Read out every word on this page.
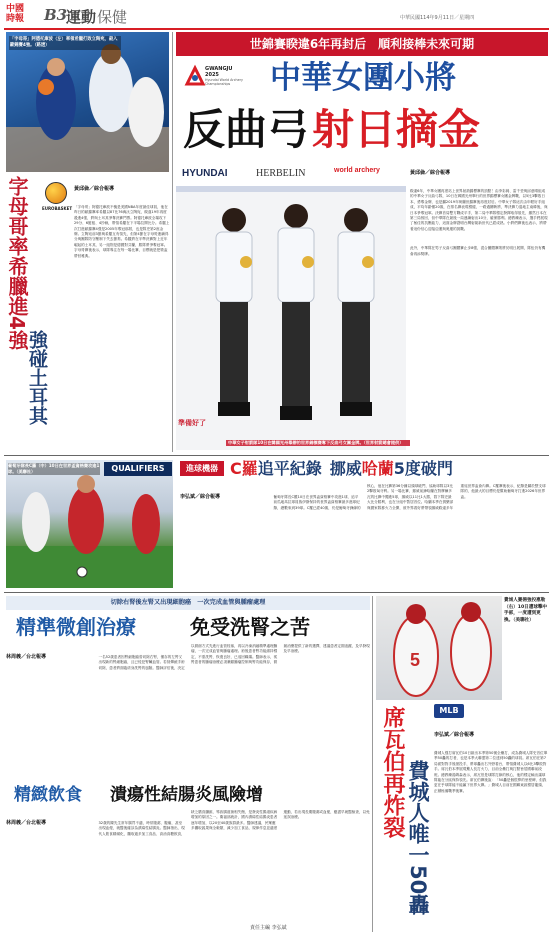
中國
時報	B3
運動 保健	中華民國114年9月11日／星期四
「字母哥」阿德托庫波（左）率領希臘打敗立陶宛，殺入歐錦賽4強。（路透）
字母哥率希臘進4強
強碰土耳其
EUROBASKET

黃邱倫／綜合報導

「字母哥」阿德托庫波不愧是美國NBA年度最佳球員，他在昨日的歐錦賽率希臘以87比76淘汰立陶宛，睽違19年再度殺進4強，將與土耳其爭奪決賽門票。阿德托庫波全場攻下29分、6籃板、4抄截，帶領希臘在下半場拉開比分。希臘上次打進歐錦賽4強是2005年奪冠那屆，也是隊史第2座金牌。立陶宛前3節與希臘互有領先，但第4節在字母哥連續得分與團隊防守壓制下失去節奏。希臘將在半準決賽對上近年崛起的土耳其，另一組則是德國對芬蘭，勝隊將爭奪冠軍。字母哥賽後表示，球隊專注在每一場比賽，目標就是把獎盃帶回雅典。

世錦賽睽違6年再封后　順利接棒未來可期
GWANGJU 2025
Hyundai World Archery Championships	中華女團小將
反曲弓 射日摘金
HYUNDAI	HERBELIN	world archery
準備好了
中華女子射箭隊10日在韓國光州舉辦的世界錦標賽奪下反曲弓女團金牌。（世界射箭總會提供）

黃邱倫／綜合報導

睽違6年，中華女團再度站上世界射箭錦標賽的頂點！由李彩綺、雷千瑩與邱意晴組成的中華女子反曲弓隊，10日在韓國光州舉行的世界錦標賽女團金牌戰，以5比3擊敗日本，勇奪金牌，也是繼2019年荷蘭世錦賽後再度封后。中華女子隊這次由年輕好手組成，平均年齡僅20歲，在排名賽表現穩健，一路過關斬將，準決賽力退地主南韓後，與日本爭奪冠軍。決賽首局雙方戰成平手，第二局中華隊穩定發揮取得領先，雖然日本在第三局扳回，但中華隊在最後一局連續射出10分，確保勝利。總教練表示，選手們展現了極佳的抗壓能力，這面金牌證明台灣射箭新世代已經成熟。小將們賽後也表示，將帶著這份信心迎接亞運與奧運的挑戰。

此外，中華隊在男子反曲弓團體賽止步8強，混合團體賽則將於明日展開，隊伍仍有機會再添獎牌。

QUALIFIERS
葡萄牙隊長C羅（中）10日在世界盃資格賽攻進1球。（美聯社）	進球機器 C羅追平紀錄 挪威哈蘭5度破門

李弘斌／綜合報導

	葡萄牙隊長C羅10日在世界盃資格賽中攻進1球，追平前瓜地馬拉球員魯伊斯保持的世界盃資格賽最多進球紀錄，總數來到39球。C羅已經40歲，仍是葡萄牙鋒線的核心，他在比賽第36分鐘以頭球破門，協助球隊以3比2擊敗匈牙利。另一場比賽，挪威前鋒哈蘭在對摩爾多瓦的比賽中獨進5球，挪威以11比1大勝，寫下隊史最大比分勝利，也在分組中暫居首位。哈蘭本季在俱樂部與國家隊都火力全開，被外界看好將帶領挪威睽違多年重返世界盃會內賽。C羅賽後表示，紀錄是屬於整支球隊的，他最大的目標仍是幫助葡萄牙打進2026年世界盃。

切除右腎後左腎又出現細胞癌　一次完成血管與腫瘤處理
精準微創治療	免受洗腎之苦

林周義／台北報導

	一名52歲患者因腎細胞癌曾切除右腎，僅存的左腎又出現新的腎細胞癌，且已侵犯腎臟血管。若採傳統手術切除，患者將面臨終身洗腎的風險。醫師評估後，決定以微創方式先進行血管栓塞，再以冷凍消融精準處理腫瘤，一次完成血管與腫瘤處理。術後患者腎功能維持穩定，不需洗腎，恢復良好，已返回職場。醫師表示，孤腎患者的腫瘤治療必須兼顧腫瘤控制與腎功能保存，微創治療提供了新的選擇，建議患者定期追蹤，及早發現及早治療。

精緻飲食 潰瘍性結腸炎風險增

林周義／台北報導

	32歲的陳先生常年腸胃不適，時常腹瀉、腹痛，甚至出現血便，就醫後確診為潰瘍性結腸炎。醫師指出，現代人飲食精緻化，攝取過多加工食品、高油高糖飲食，缺乏膳食纖維，導致腸道菌相失衡，是發炎性腸道疾病增加的原因之一。衛福部統計，國內潰瘍性結腸炎患者逐年增加，以20至40歲族群最多。醫師建議，民眾應多攝取蔬果與全穀類，減少加工食品，規律作息並適度運動，若出現長期腹瀉或血便，應盡早就醫檢查，以免延誤治療。

責任主編 李弘斌
5
費城人賽揚強投惠勒（右）10日遭球擊中手部，一度遭到更換。（美聯社）
席瓦伯再炸裂 費城人唯一50轟
MLB

李弘斌／綜合報導

費城人強打席瓦伯10日敲出本季第50號全壘打，成為費城人隊史首位單季50轟的打者，也是本季大聯盟第二位達到50轟的球員。席瓦伯在第7局面對對手後援投手，將球轟出右外野看台，帶領費城人以6比3擊敗對手。席瓦伯本季展現驚人長打火力，目前全壘打與打點皆居國聯前段班。總教練湯姆森表示，席瓦伯是球隊打線的核心，他的穩定輸出讓球隊能在分區保持領先。席瓦伯賽後說：「50轟是個很棒的里程碑，但我更在乎球隊能不能贏下世界大賽。」費城人目前在國聯東區穩居龍頭，正積極備戰季後賽。
